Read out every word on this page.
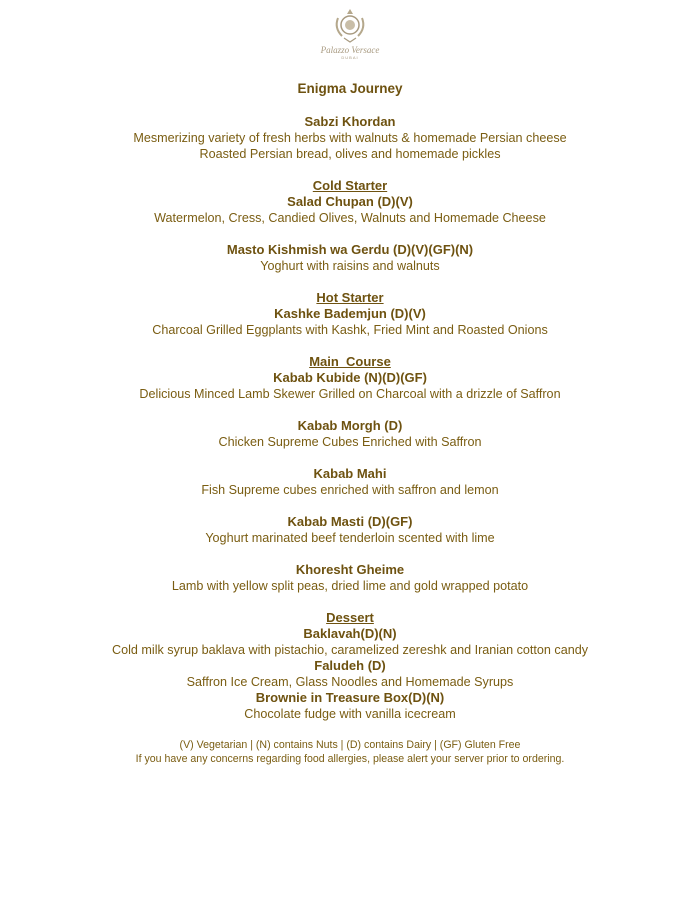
Palazzo Versace
DUBAI
Enigma Journey
Sabzi Khordan
Mesmerizing variety of fresh herbs with walnuts & homemade Persian cheese
Roasted Persian bread, olives and homemade pickles
Cold Starter
Salad Chupan (D)(V)
Watermelon, Cress, Candied Olives, Walnuts and Homemade Cheese
Masto Kishmish wa Gerdu (D)(V)(GF)(N)
Yoghurt with raisins and walnuts
Hot Starter
Kashke Bademjun (D)(V)
Charcoal Grilled Eggplants with Kashk, Fried Mint and Roasted Onions
Main  Course
Kabab Kubide (N)(D)(GF)
Delicious Minced Lamb Skewer Grilled on Charcoal with a drizzle of Saffron
Kabab Morgh (D)
Chicken Supreme Cubes Enriched with Saffron
Kabab Mahi
Fish Supreme cubes enriched with saffron and lemon
Kabab Masti (D)(GF)
Yoghurt marinated beef tenderloin scented with lime
Khoresht Gheime
Lamb with yellow split peas, dried lime and gold wrapped potato
Dessert
Baklavah(D)(N)
Cold milk syrup baklava with pistachio, caramelized zereshk and Iranian cotton candy
Faludeh (D)
Saffron Ice Cream, Glass Noodles and Homemade Syrups
Brownie in Treasure Box(D)(N)
Chocolate fudge with vanilla icecream
(V) Vegetarian | (N) contains Nuts | (D) contains Dairy | (GF) Gluten Free
If you have any concerns regarding food allergies, please alert your server prior to ordering.
